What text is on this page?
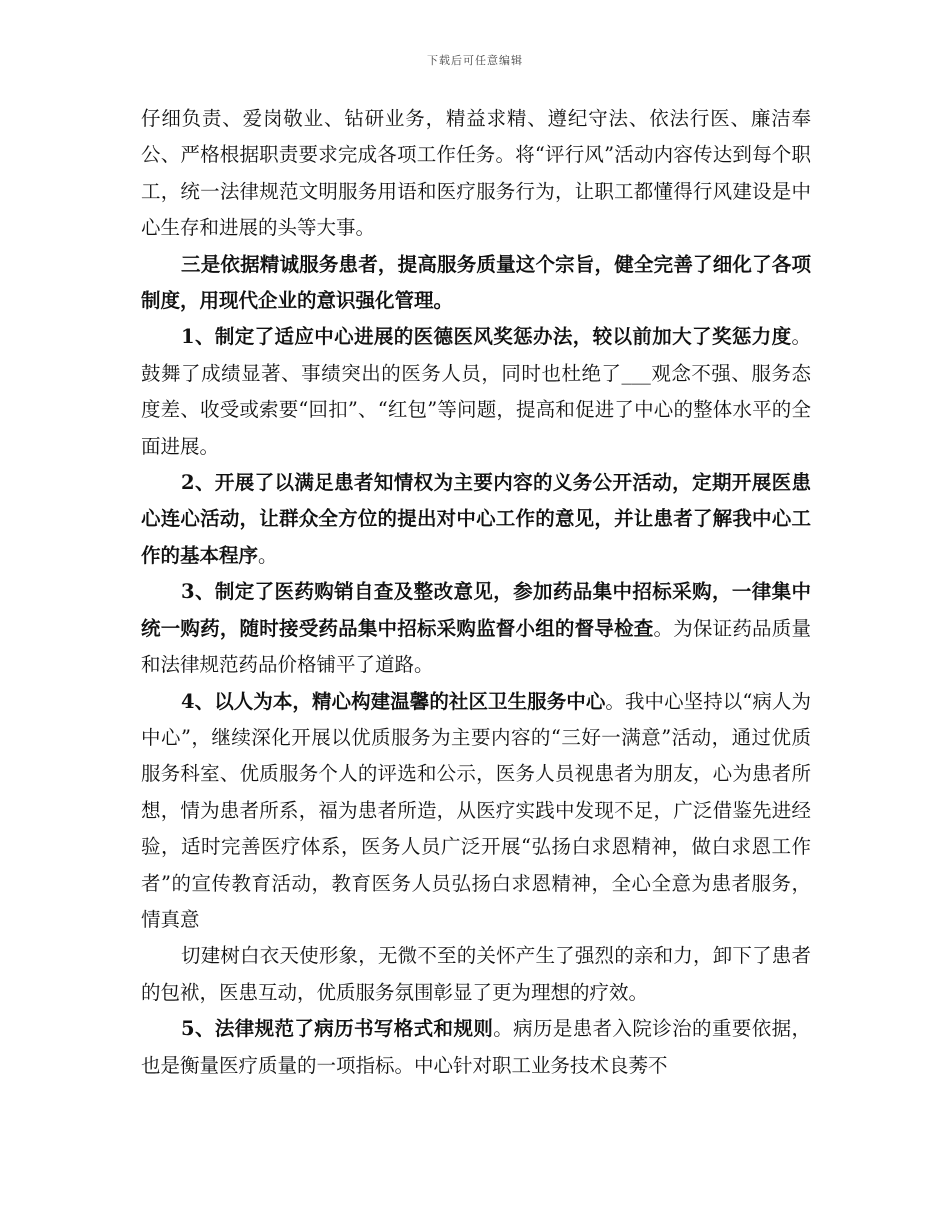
下载后可任意编辑

仔细负责、爱岗敬业、钻研业务，精益求精、遵纪守法、依法行医、廉洁奉公、严格根据职责要求完成各项工作任务。将“评行风”活动内容传达到每个职工，统一法律规范文明服务用语和医疗服务行为，让职工都懂得行风建设是中心生存和进展的头等大事。

三是依据精诚服务患者，提高服务质量这个宗旨，健全完善了细化了各项制度，用现代企业的意识强化管理。

1、制定了适应中心进展的医德医风奖惩办法，较以前加大了奖惩力度。鼓舞了成绩显著、事绩突出的医务人员，同时也杜绝了___观念不强、服务态度差、收受或索要“回扣”、“红包”等问题，提高和促进了中心的整体水平的全面进展。

2、开展了以满足患者知情权为主要内容的义务公开活动，定期开展医患心连心活动，让群众全方位的提出对中心工作的意见，并让患者了解我中心工作的基本程序。

3、制定了医药购销自查及整改意见，参加药品集中招标采购，一律集中统一购药，随时接受药品集中招标采购监督小组的督导检查。为保证药品质量和法律规范药品价格铺平了道路。

4、以人为本，精心构建温馨的社区卫生服务中心。我中心坚持以“病人为中心”，继续深化开展以优质服务为主要内容的“三好一满意”活动，通过优质服务科室、优质服务个人的评选和公示，医务人员视患者为朋友，心为患者所想，情为患者所系，福为患者所造，从医疗实践中发现不足，广泛借鉴先进经验，适时完善医疗体系，医务人员广泛开展“弘扬白求恩精神，做白求恩工作者”的宣传教育活动，教育医务人员弘扬白求恩精神，全心全意为患者服务，情真意

切建树白衣天使形象，无微不至的关怀产生了强烈的亲和力，卸下了患者的包袱，医患互动，优质服务氛围彰显了更为理想的疗效。

5、法律规范了病历书写格式和规则。病历是患者入院诊治的重要依据，也是衡量医疗质量的一项指标。中心针对职工业务技术良莠不
